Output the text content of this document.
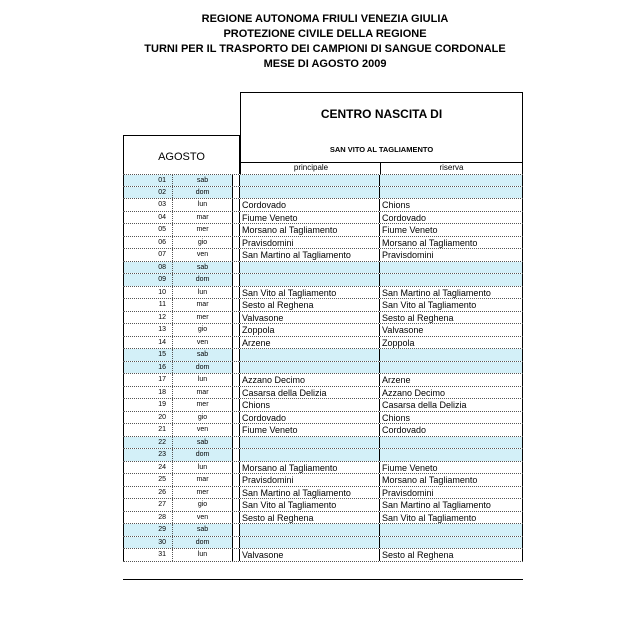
REGIONE AUTONOMA FRIULI VENEZIA GIULIA
PROTEZIONE CIVILE DELLA REGIONE
TURNI PER IL TRASPORTO DEI CAMPIONI DI SANGUE CORDONALE
MESE DI AGOSTO 2009
CENTRO NASCITA DI
SAN VITO AL TAGLIAMENTO
principale	riserva
AGOSTO
01	sab
02	dom
03	lun	Cordovado	Chions
04	mar	Fiume Veneto	Cordovado
05	mer	Morsano al Tagliamento	Fiume Veneto
06	gio	Pravisdomini	Morsano al Tagliamento
07	ven	San Martino al Tagliamento	Pravisdomini
08	sab
09	dom
10	lun	San Vito al Tagliamento	San Martino al Tagliamento
11	mar	Sesto al Reghena	San Vito al Tagliamento
12	mer	Valvasone	Sesto al Reghena
13	gio	Zoppola	Valvasone
14	ven	Arzene	Zoppola
15	sab
16	dom
17	lun	Azzano Decimo	Arzene
18	mar	Casarsa della Delizia	Azzano Decimo
19	mer	Chions	Casarsa della Delizia
20	gio	Cordovado	Chions
21	ven	Fiume Veneto	Cordovado
22	sab
23	dom
24	lun	Morsano al Tagliamento	Fiume Veneto
25	mar	Pravisdomini	Morsano al Tagliamento
26	mer	San Martino al Tagliamento	Pravisdomini
27	gio	San Vito al Tagliamento	San Martino al Tagliamento
28	ven	Sesto al Reghena	San Vito al Tagliamento
29	sab
30	dom
31	lun	Valvasone	Sesto al Reghena
